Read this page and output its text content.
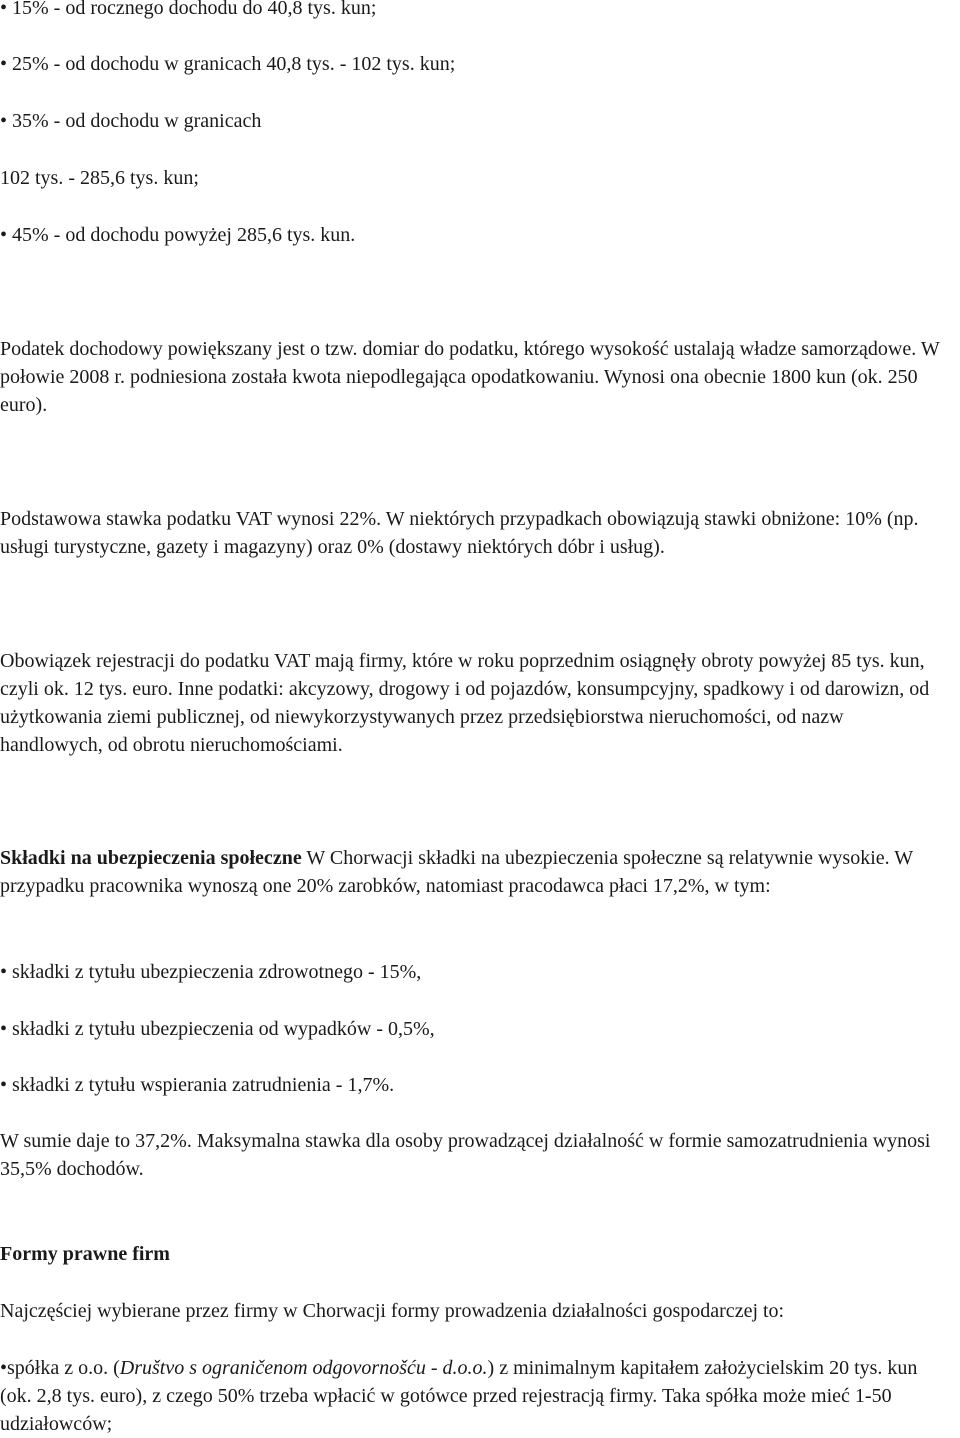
•15% - od rocznego dochodu do 40,8 tys. kun;

•25% - od dochodu w granicach 40,8 tys. - 102 tys. kun;

•35% - od dochodu w granicach

102 tys. - 285,6 tys. kun;

•45% - od dochodu powyżej 285,6 tys. kun.

Podatek dochodowy powiększany jest o tzw. domiar do podatku, którego wysokość ustalają władze samorządowe. W połowie 2008 r. podniesiona została kwota niepodlegająca opodatkowaniu. Wynosi ona obecnie 1800 kun (ok. 250 euro).

Podstawowa stawka podatku VAT wynosi 22%. W niektórych przypadkach obowiązują stawki obniżone: 10% (np. usługi turystyczne, gazety i magazyny) oraz 0% (dostawy niektórych dóbr i usług).

Obowiązek rejestracji do podatku VAT mają firmy, które w roku poprzednim osiągnęły obroty powyżej 85 tys. kun, czyli ok. 12 tys. euro. Inne podatki: akcyzowy, drogowy i od pojazdów, konsumpcyjny, spadkowy i od darowizn, od użytkowania ziemi publicznej, od niewykorzystywanych przez przedsiębiorstwa nieruchomości, od nazw handlowych, od obrotu nieruchomościami.

Składki na ubezpieczenia społeczne W Chorwacji składki na ubezpieczenia społeczne są relatywnie wysokie. W przypadku pracownika wynoszą one 20% zarobków, natomiast pracodawca płaci 17,2%, w tym:

•składki z tytułu ubezpieczenia zdrowotnego - 15%,

•składki z tytułu ubezpieczenia od wypadków - 0,5%,

•składki z tytułu wspierania zatrudnienia - 1,7%.

W sumie daje to 37,2%. Maksymalna stawka dla osoby prowadzącej działalność w formie samozatrudnienia wynosi 35,5% dochodów.

Formy prawne firm

Najczęściej wybierane przez firmy w Chorwacji formy prowadzenia działalności gospodarczej to:

• spółka z o.o. (Društvo s ograničenom odgovornošću - d.o.o.) z minimalnym kapitałem założycielskim 20 tys. kun (ok. 2,8 tys. euro), z czego 50% trzeba wpłacić w gotówce przed rejestracją firmy. Taka spółka może mieć 1-50 udziałowców;
